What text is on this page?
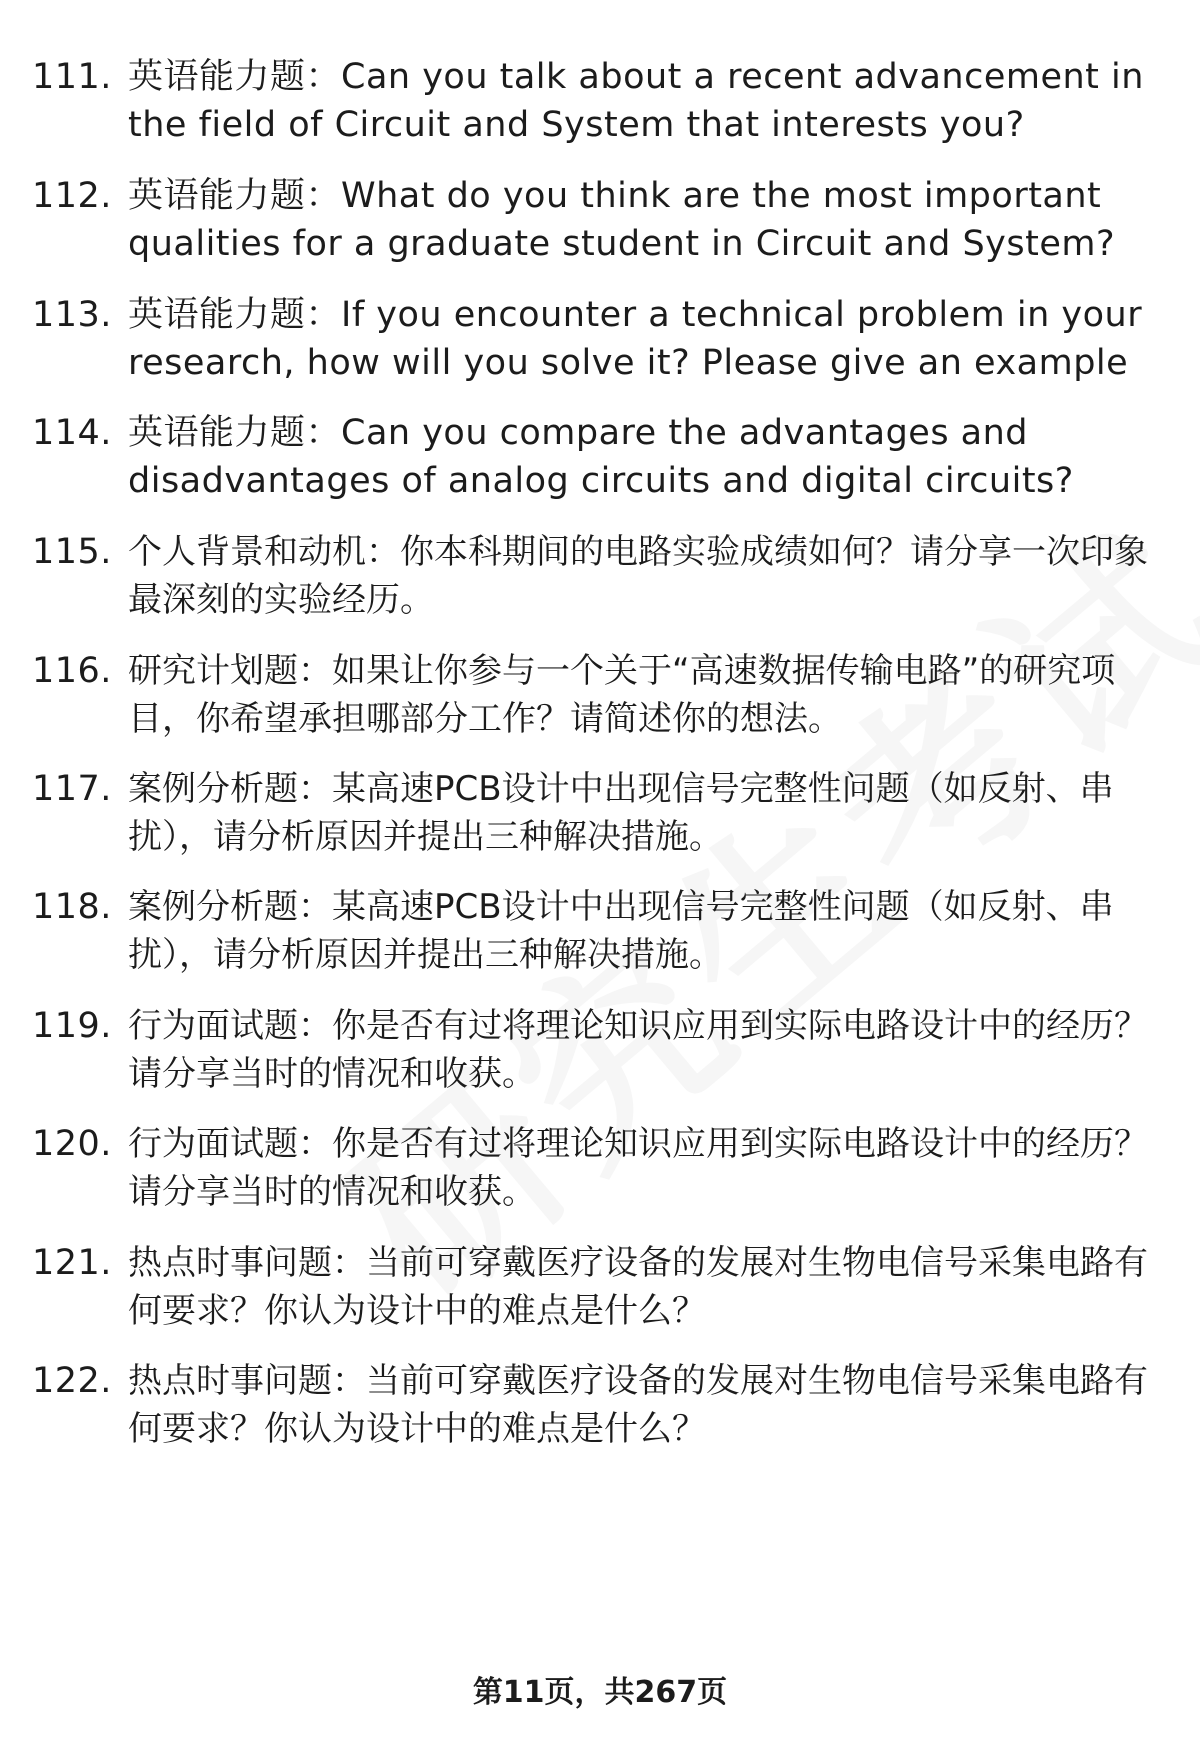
111. 英语能力题：Can you talk about a recent advancement in the field of Circuit and System that interests you?
112. 英语能力题：What do you think are the most important qualities for a graduate student in Circuit and System?
113. 英语能力题：If you encounter a technical problem in your research, how will you solve it? Please give an example
114. 英语能力题：Can you compare the advantages and disadvantages of analog circuits and digital circuits?
115. 个人背景和动机：你本科期间的电路实验成绩如何？请分享一次印象最深刻的实验经历。
116. 研究计划题：如果让你参与一个关于“高速数据传输电路”的研究项目，你希望承担哪部分工作？请简述你的想法。
117. 案例分析题：某高速PCB设计中出现信号完整性问题（如反射、串扰），请分析原因并提出三种解决措施。
118. 案例分析题：某高速PCB设计中出现信号完整性问题（如反射、串扰），请分析原因并提出三种解决措施。
119. 行为面试题：你是否有过将理论知识应用到实际电路设计中的经历？请分享当时的情况和收获。
120. 行为面试题：你是否有过将理论知识应用到实际电路设计中的经历？请分享当时的情况和收获。
121. 热点时事问题：当前可穿戴医疗设备的发展对生物电信号采集电路有何要求？你认为设计中的难点是什么？
122. 热点时事问题：当前可穿戴医疗设备的发展对生物电信号采集电路有何要求？你认为设计中的难点是什么？
第11页，共267页
